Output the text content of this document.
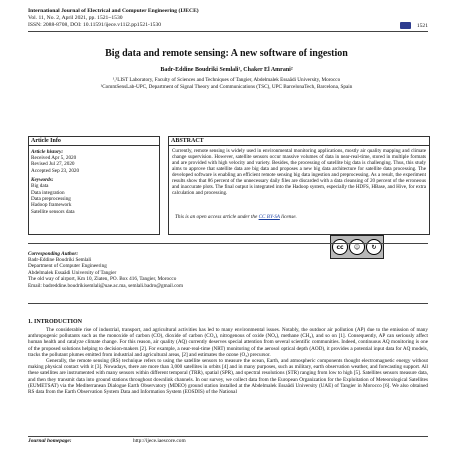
International Journal of Electrical and Computer Engineering (IJECE)
Vol. 11, No. 2, April 2021, pp. 1521~1530
ISSN: 2088-8708, DOI: 10.11591/ijece.v11i2.pp1521-1530	1521
Big data and remote sensing: A new software of ingestion
Badr-Eddine Boudriki Semlali¹, Chaker El Amrani²
¹,²LIST Laboratory, Faculty of Sciences and Techniques of Tangier, Abdelmalek Essaâdi University, Morocco
¹CommSensLab-UPC, Department of Signal Theory and Communications (TSC), UPC BarcelonaTech, Barcelona, Spain
Article Info
Article history:
Received Apr 5, 2020
Revised Jul 27, 2020
Accepted Sep 23, 2020
Keywords:
Big data
Data integration
Data preprocessing
Hadoop framework
Satellite sensors data
ABSTRACT
Currently, remote sensing is widely used in environmental monitoring applications, mostly air quality mapping and climate change supervision. However, satellite sensors occur massive volumes of data in near-real-time, stored in multiple formats and are provided with high velocity and variety. Besides, the processing of satellite big data is challenging. Thus, this study aims to approve that satellite data are big data and proposes a new big data architecture for satellite data processing. The developed software is enabling an efficient remote sensing big data ingestion and preprocessing. As a result, the experiment results show that 86 percent of the unnecessary daily files are discarded with a data cleansing of 20 percent of the erroneous and inaccurate plots. The final output is integrated into the Hadoop system, especially the HDFS, HBase, and Hive, for extra calculation and processing.
This is an open access article under the CC BY-SA license.
cc	☺	↻
Corresponding Author:
Badr-Eddine Boudriki Semlali
Department of Computer Engineering
Abdelmalek Essaâdi University of Tangier
The old way of airport, Km 10, Ziaten, PO. Box 416, Tangier, Morocco
Email: badreddine.boudrikisemlali@uae.ac.ma, semlali.badro@gmail.com
1. INTRODUCTION

The considerable rise of industrial, transport, and agricultural activities has led to many environmental issues. Notably, the outdoor air pollution (AP) due to the emission of many anthropogenic pollutants such as the monoxide of carbon (CO), dioxide of carbon (CO₂), nitrogenous of oxide (NOₓ), methane (CH₄), and so on [1]. Consequently, AP can seriously affect human health and catalyze climate change. For this reason, air quality (AQ) currently deserves special attention from several scientific communities. Indeed, continuous AQ monitoring is one of the proposed solutions helping to decision-makers [2]. For example, a near-real-time (NRT) monitoring of the aerosol optical depth (AOD), it provides a potential input data for AQ models, tracks the pollutant plumes emitted from industrial and agricultural areas, [2] and estimates the ozone (O₃) precursor.

Generally, the remote sensing (RS) technique refers to using the satellite sensors to measure the ocean, Earth, and atmospheric components thought electromagnetic energy without making physical contact with it [3]. Nowadays, there are more than 3,000 satellites in orbits [4] and in many purposes, such as military, earth observation weather, and forecasting support. All these satellites are instrumented with many sensors within different temporal (TRR), spatial (SPR), and spectral resolutions (STR) ranging from low to high [5]. Satellites sensors measure data, and then they transmit data into ground stations throughout downlink channels. In our survey, we collect data from the European Organization for the Exploitation of Meteorological Satellites (EUMETSAT) via the Mediterranean Dialogue Earth Observatory (MDEO) ground station installed at the Abdelmalek Essaâdi University (UAE) of Tangier in Morocco [6]. We also obtained RS data from the Earth Observation System Data and Information System (EOSDIS) of the National

Journal homepage:	http://ijece.iaescore.com
